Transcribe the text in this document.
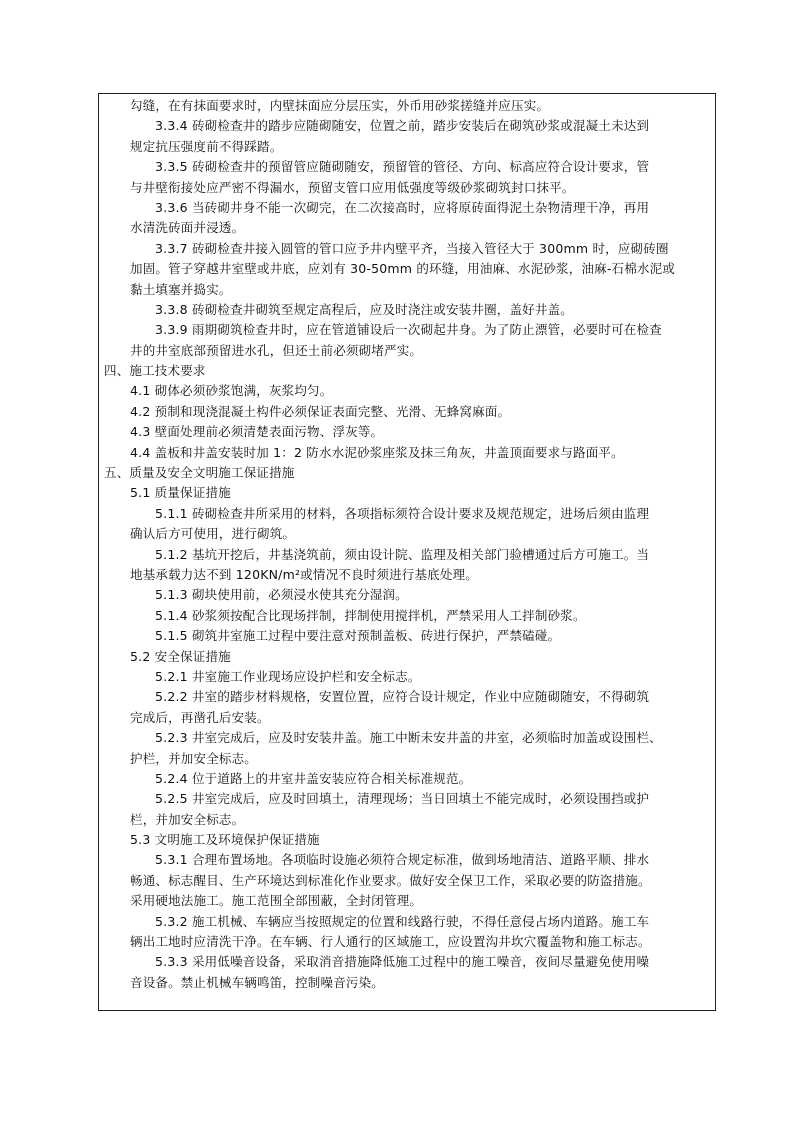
勾缝，在有抹面要求时，内壁抹面应分层压实，外币用砂浆搓缝并应压实。
3.3.4 砖砌检查井的踏步应随砌随安，位置之前，踏步安装后在砌筑砂浆或混凝土未达到
规定抗压强度前不得踩踏。
3.3.5 砖砌检查井的预留管应随砌随安，预留管的管径、方向、标高应符合设计要求，管
与井壁衔接处应严密不得漏水，预留支管口应用低强度等级砂浆砌筑封口抹平。
3.3.6 当砖砌井身不能一次砌完，在二次接高时，应将原砖面得泥土杂物清理干净，再用
水清洗砖面并浸透。
3.3.7 砖砌检查井接入圆管的管口应予井内壁平齐，当接入管径大于 300mm 时，应砌砖圈
加固。管子穿越井室壁或井底，应刘有 30-50mm 的环缝，用油麻、水泥砂浆，油麻-石棉水泥或
黏土填塞并捣实。
3.3.8 砖砌检查井砌筑至规定高程后，应及时浇注或安装井圈，盖好井盖。
3.3.9 雨期砌筑检查井时，应在管道铺设后一次砌起井身。为了防止漂管，必要时可在检查
井的井室底部预留进水孔，但还土前必须砌堵严实。
四、施工技术要求
4.1 砌体必须砂浆饱满，灰浆均匀。
4.2 预制和现浇混凝土构件必须保证表面完整、光滑、无蜂窝麻面。
4.3 壁面处理前必须清楚表面污物、浮灰等。
4.4 盖板和井盖安装时加 1：2 防水水泥砂浆座浆及抹三角灰，井盖顶面要求与路面平。
五、质量及安全文明施工保证措施
5.1 质量保证措施
5.1.1 砖砌检查井所采用的材料，各项指标须符合设计要求及规范规定，进场后须由监理
确认后方可使用，进行砌筑。
5.1.2 基坑开挖后，井基浇筑前，须由设计院、监理及相关部门验槽通过后方可施工。当
地基承载力达不到 120KN/m²或情况不良时须进行基底处理。
5.1.3 砌块使用前，必须浸水使其充分湿润。
5.1.4 砂浆须按配合比现场拌制，拌制使用搅拌机，严禁采用人工拌制砂浆。
5.1.5 砌筑井室施工过程中要注意对预制盖板、砖进行保护，严禁磕碰。
5.2 安全保证措施
5.2.1 井室施工作业现场应设护栏和安全标志。
5.2.2 井室的踏步材料规格，安置位置，应符合设计规定，作业中应随砌随安，不得砌筑
完成后，再凿孔后安装。
5.2.3 井室完成后，应及时安装井盖。施工中断未安井盖的井室，必须临时加盖或设围栏、
护栏，并加安全标志。
5.2.4 位于道路上的井室井盖安装应符合相关标准规范。
5.2.5 井室完成后，应及时回填土，清理现场；当日回填土不能完成时，必须设围挡或护
栏，并加安全标志。
5.3 文明施工及环境保护保证措施
5.3.1 合理布置场地。各项临时设施必须符合规定标准，做到场地清洁、道路平顺、排水
畅通、标志醒目、生产环境达到标准化作业要求。做好安全保卫工作，采取必要的防盗措施。
采用硬地法施工。施工范围全部围蔽，全封闭管理。
5.3.2 施工机械、车辆应当按照规定的位置和线路行驶，不得任意侵占场内道路。施工车
辆出工地时应清洗干净。在车辆、行人通行的区域施工，应设置沟井坎穴覆盖物和施工标志。
5.3.3 采用低噪音设备，采取消音措施降低施工过程中的施工噪音，夜间尽量避免使用噪
音设备。禁止机械车辆鸣笛，控制噪音污染。
